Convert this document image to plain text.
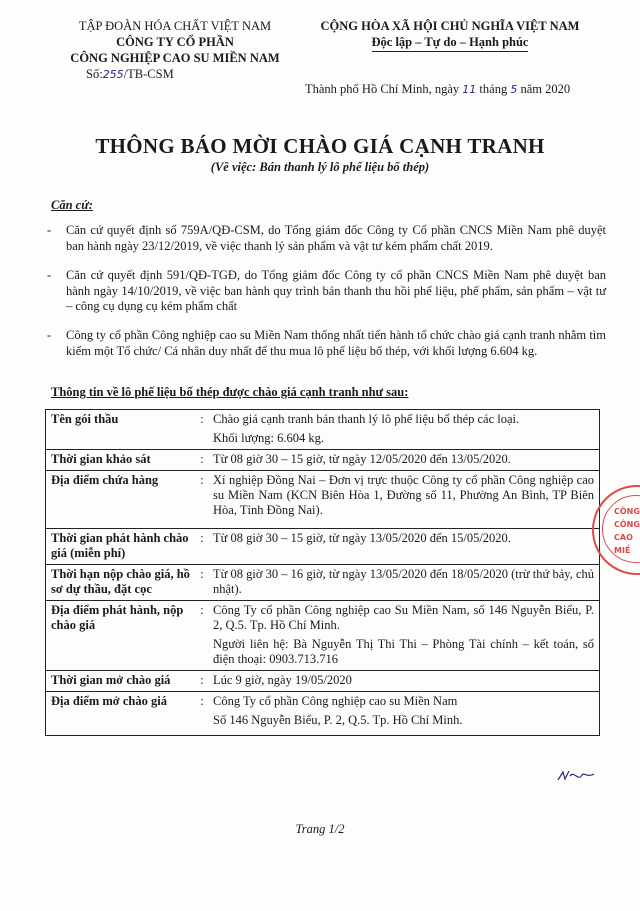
TẬP ĐOÀN HÓA CHẤT VIỆT NAM
CÔNG TY CỔ PHẦN
CÔNG NGHIỆP CAO SU MIỀN NAM
Số:255/TB-CSM
CỘNG HÒA XÃ HỘI CHỦ NGHĨA VIỆT NAM
Độc lập – Tự do – Hạnh phúc
Thành phố Hồ Chí Minh, ngày 11 tháng 5 năm 2020
THÔNG BÁO MỜI CHÀO GIÁ CẠNH TRANH
(Về việc: Bán thanh lý lô phế liệu bố thép)
Căn cứ:
- Căn cứ quyết định số 759A/QĐ-CSM, do Tổng giám đốc Công ty Cổ phần CNCS Miền Nam phê duyệt ban hành ngày 23/12/2019, về việc thanh lý sản phẩm và vật tư kém phẩm chất 2019.
- Căn cứ quyết định 591/QĐ-TGĐ, do Tổng giám đốc Công ty cổ phần CNCS Miền Nam phê duyệt ban hành ngày 14/10/2019, về việc ban hành quy trình bán thanh thu hồi phế liệu, phế phẩm, sản phẩm – vật tư – công cụ dụng cụ kém phẩm chất
- Công ty cổ phần Công nghiệp cao su Miền Nam thống nhất tiến hành tổ chức chào giá cạnh tranh nhằm tìm kiếm một Tổ chức/ Cá nhân duy nhất để thu mua lô phế liệu bố thép, với khối lượng 6.604 kg.
Thông tin về lô phế liệu bố thép được chào giá cạnh tranh như sau:
Tên gói thầu	:	Chào giá cạnh tranh bán thanh lý lô phế liệu bố thép các loại.
Khối lượng: 6.604 kg.

Thời gian khảo sát	:	Từ 08 giờ 30 – 15 giờ, từ ngày 12/05/2020 đến 13/05/2020.
Địa điểm chứa hàng	:	Xí nghiệp Đồng Nai – Đơn vị trực thuộc Công ty cổ phần Công nghiệp cao su Miền Nam (KCN Biên Hòa 1, Đường số 11, Phường An Bình, TP Biên Hòa, Tỉnh Đồng Nai).
Thời gian phát hành chào giá (miễn phí)	:	Từ 08 giờ 30 – 15 giờ, từ ngày 13/05/2020 đến 15/05/2020.
Thời hạn nộp chào giá, hồ sơ dự thầu, đặt cọc	:	Từ 08 giờ 30 – 16 giờ, từ ngày 13/05/2020 đến 18/05/2020 (trừ thứ bảy, chủ nhật).
Địa điểm phát hành, nộp chào giá	:	Công Ty cổ phần Công nghiệp cao Su Miền Nam, số 146 Nguyễn Biểu, P. 2, Q.5. Tp. Hồ Chí Minh.
Người liên hệ: Bà Nguyễn Thị Thi Thi – Phòng Tài chính – kết toán, số điện thoại: 0903.713.716

Thời gian mở chào giá	:	Lúc 9 giờ, ngày 19/05/2020
Địa điểm mở chào giá	:	Công Ty cổ phần Công nghiệp cao su Miền Nam
Số 146 Nguyễn Biểu, P. 2, Q.5. Tp. Hồ Chí Minh.
CÔNG
CÔNG
CAO
MIỀ
Trang 1/2
